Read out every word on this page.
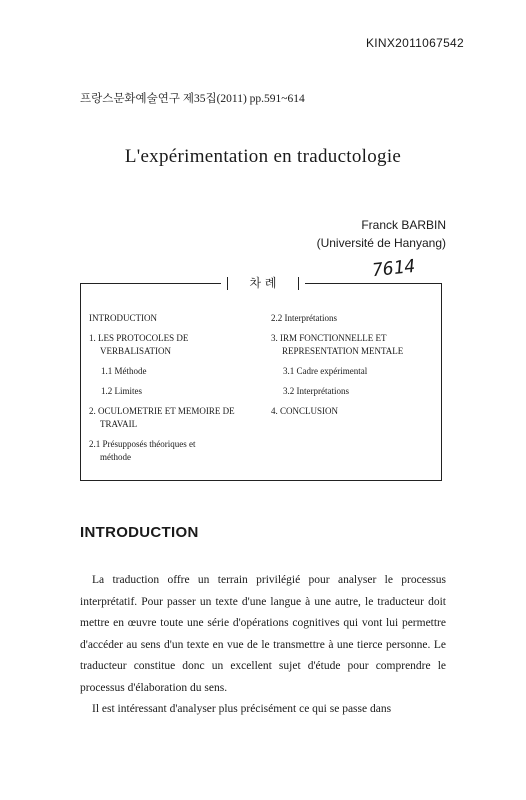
KINX2011067542
프랑스문화예술연구 제35집(2011) pp.591~614
L'expérimentation en traductologie
Franck BARBIN
(Université de Hanyang)
7614
차 례
INTRODUCTION
1. LES PROTOCOLES DE
VERBALISATION
1.1 Méthode
1.2 Limites
2. OCULOMETRIE ET MEMOIRE DE
TRAVAIL
2.1 Présupposés théoriques et
méthode
2.2 Interprétations
3. IRM FONCTIONNELLE ET
REPRESENTATION MENTALE
3.1 Cadre expérimental
3.2 Interprétations
4. CONCLUSION
INTRODUCTION

La traduction offre un terrain privilégié pour analyser le processus interprétatif. Pour passer un texte d'une langue à une autre, le traducteur doit mettre en œuvre toute une série d'opérations cognitives qui vont lui permettre d'accéder au sens d'un texte en vue de le transmettre à une tierce personne. Le traducteur constitue donc un excellent sujet d'étude pour comprendre le processus d'élaboration du sens.

Il est intéressant d'analyser plus précisément ce qui se passe dans
